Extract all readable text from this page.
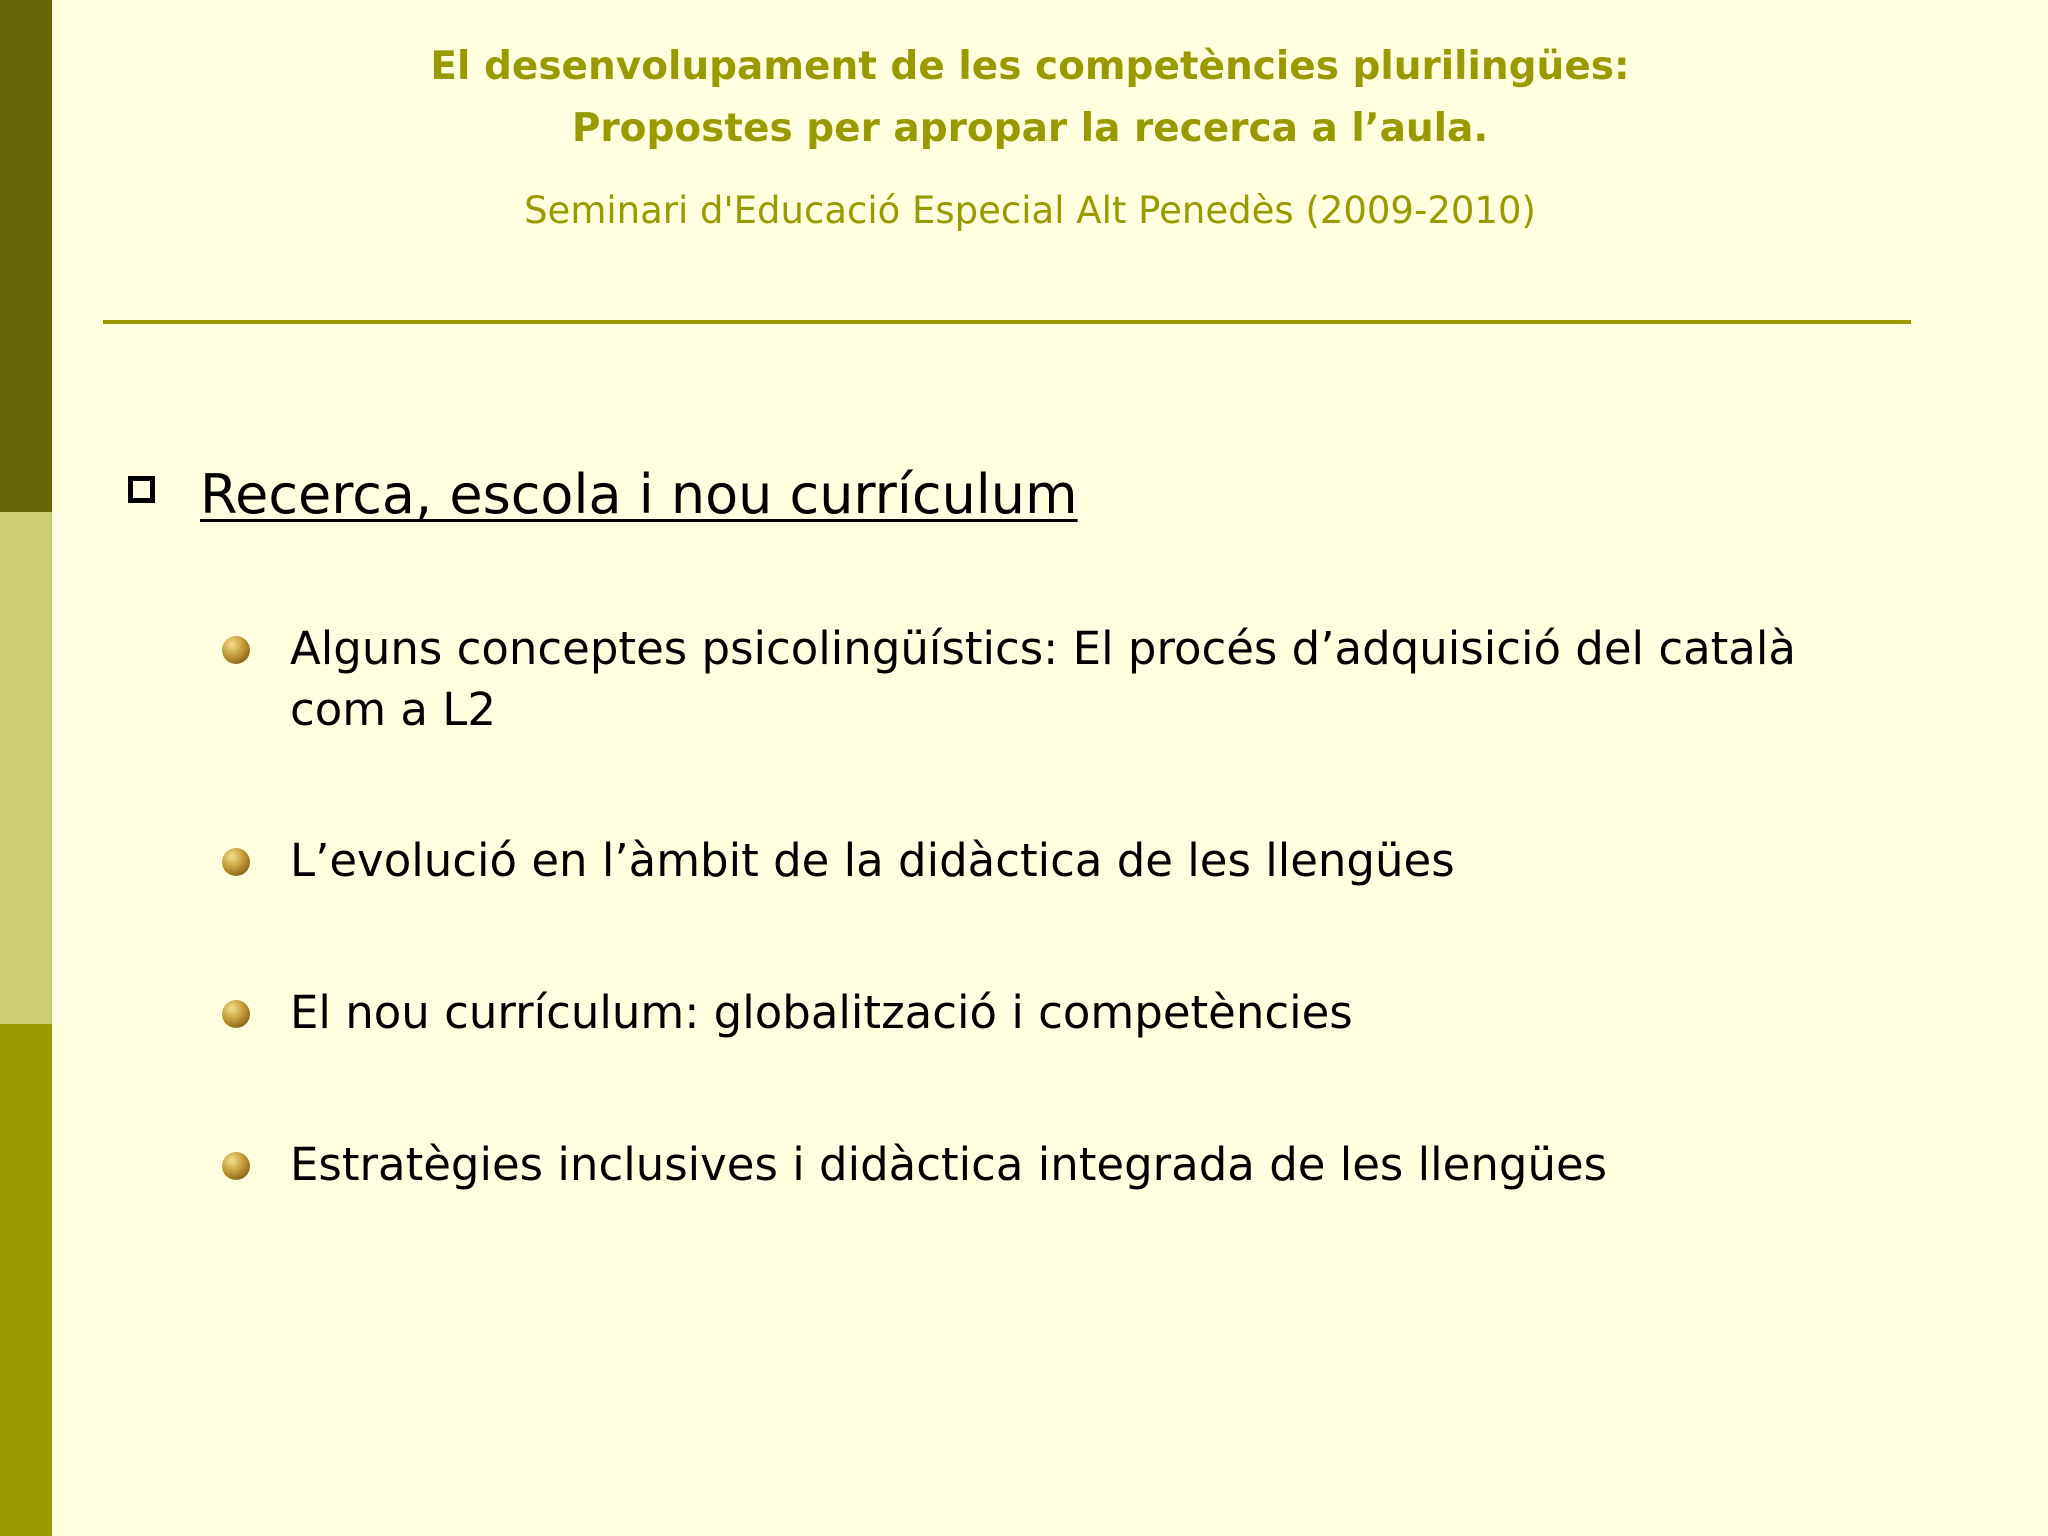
El desenvolupament de les competències plurilingües:
Propostes per apropar la recerca a l’aula.
Seminari d'Educació Especial Alt Penedès (2009-2010)
Recerca, escola i nou currículum
Alguns conceptes psicolingüístics: El procés d’adquisició del català
com a L2
L’evolució en l’àmbit de la didàctica de les llengües
El nou currículum: globalització i competències
Estratègies inclusives i didàctica integrada de les llengües
